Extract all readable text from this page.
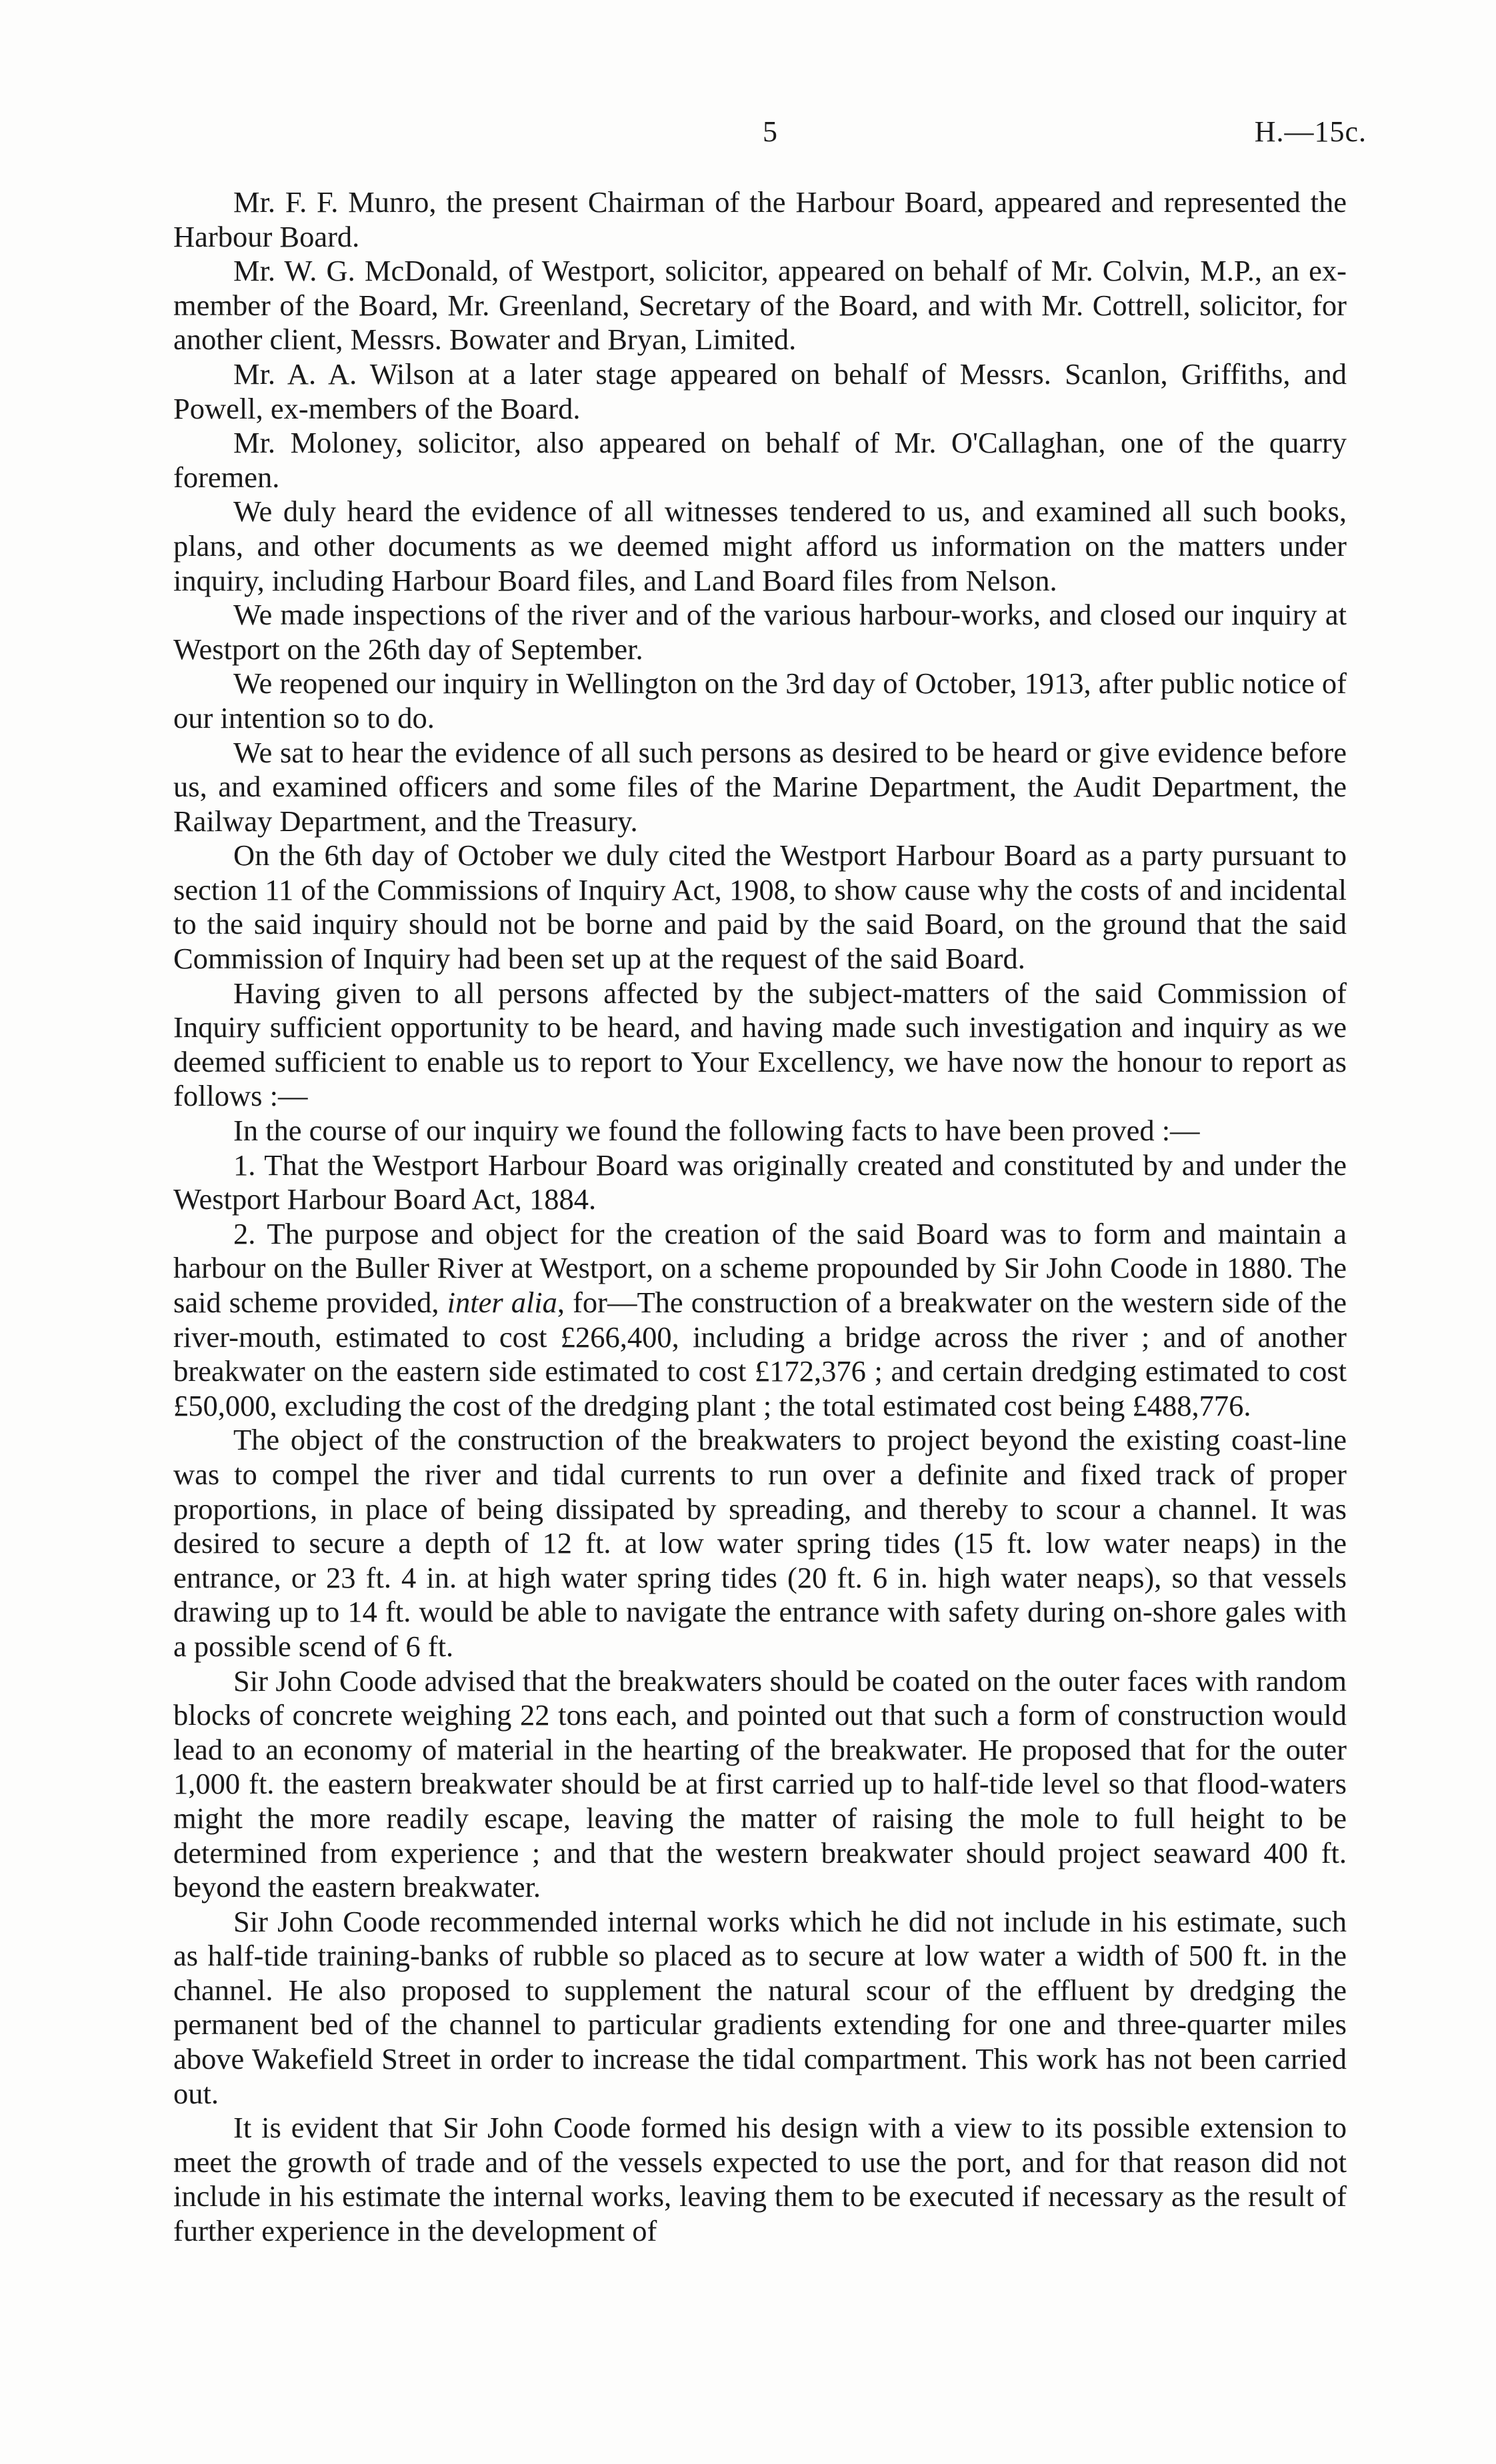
5	H.—15c.

Mr. F. F. Munro, the present Chairman of the Harbour Board, appeared and represented the Harbour Board.

Mr. W. G. McDonald, of Westport, solicitor, appeared on behalf of Mr. Colvin, M.P., an ex-member of the Board, Mr. Greenland, Secretary of the Board, and with Mr. Cottrell, solicitor, for another client, Messrs. Bowater and Bryan, Limited.

Mr. A. A. Wilson at a later stage appeared on behalf of Messrs. Scanlon, Griffiths, and Powell, ex-members of the Board.

Mr. Moloney, solicitor, also appeared on behalf of Mr. O'Callaghan, one of the quarry foremen.

We duly heard the evidence of all witnesses tendered to us, and examined all such books, plans, and other documents as we deemed might afford us information on the matters under inquiry, including Harbour Board files, and Land Board files from Nelson.

We made inspections of the river and of the various harbour-works, and closed our inquiry at Westport on the 26th day of September.

We reopened our inquiry in Wellington on the 3rd day of October, 1913, after public notice of our intention so to do.

We sat to hear the evidence of all such persons as desired to be heard or give evidence before us, and examined officers and some files of the Marine Department, the Audit Department, the Railway Department, and the Treasury.

On the 6th day of October we duly cited the Westport Harbour Board as a party pursuant to section 11 of the Commissions of Inquiry Act, 1908, to show cause why the costs of and incidental to the said inquiry should not be borne and paid by the said Board, on the ground that the said Commission of Inquiry had been set up at the request of the said Board.

Having given to all persons affected by the subject-matters of the said Commission of Inquiry sufficient opportunity to be heard, and having made such investigation and inquiry as we deemed sufficient to enable us to report to Your Excellency, we have now the honour to report as follows :—

In the course of our inquiry we found the following facts to have been proved :—

1. That the Westport Harbour Board was originally created and constituted by and under the Westport Harbour Board Act, 1884.

2. The purpose and object for the creation of the said Board was to form and maintain a harbour on the Buller River at Westport, on a scheme propounded by Sir John Coode in 1880. The said scheme provided, inter alia, for—The construction of a breakwater on the western side of the river-mouth, estimated to cost £266,400, including a bridge across the river ; and of another breakwater on the eastern side estimated to cost £172,376 ; and certain dredging estimated to cost £50,000, excluding the cost of the dredging plant ; the total estimated cost being £488,776.

The object of the construction of the breakwaters to project beyond the existing coast-line was to compel the river and tidal currents to run over a definite and fixed track of proper proportions, in place of being dissipated by spreading, and thereby to scour a channel. It was desired to secure a depth of 12 ft. at low water spring tides (15 ft. low water neaps) in the entrance, or 23 ft. 4 in. at high water spring tides (20 ft. 6 in. high water neaps), so that vessels drawing up to 14 ft. would be able to navigate the entrance with safety during on-shore gales with a possible scend of 6 ft.

Sir John Coode advised that the breakwaters should be coated on the outer faces with random blocks of concrete weighing 22 tons each, and pointed out that such a form of construction would lead to an economy of material in the hearting of the breakwater. He proposed that for the outer 1,000 ft. the eastern breakwater should be at first carried up to half-tide level so that flood-waters might the more readily escape, leaving the matter of raising the mole to full height to be determined from experience ; and that the western breakwater should project seaward 400 ft. beyond the eastern breakwater.

Sir John Coode recommended internal works which he did not include in his estimate, such as half-tide training-banks of rubble so placed as to secure at low water a width of 500 ft. in the channel. He also proposed to supplement the natural scour of the effluent by dredging the permanent bed of the channel to particular gradients extending for one and three-quarter miles above Wakefield Street in order to increase the tidal compartment. This work has not been carried out.

It is evident that Sir John Coode formed his design with a view to its possible extension to meet the growth of trade and of the vessels expected to use the port, and for that reason did not include in his estimate the internal works, leaving them to be executed if necessary as the result of further experience in the development of
